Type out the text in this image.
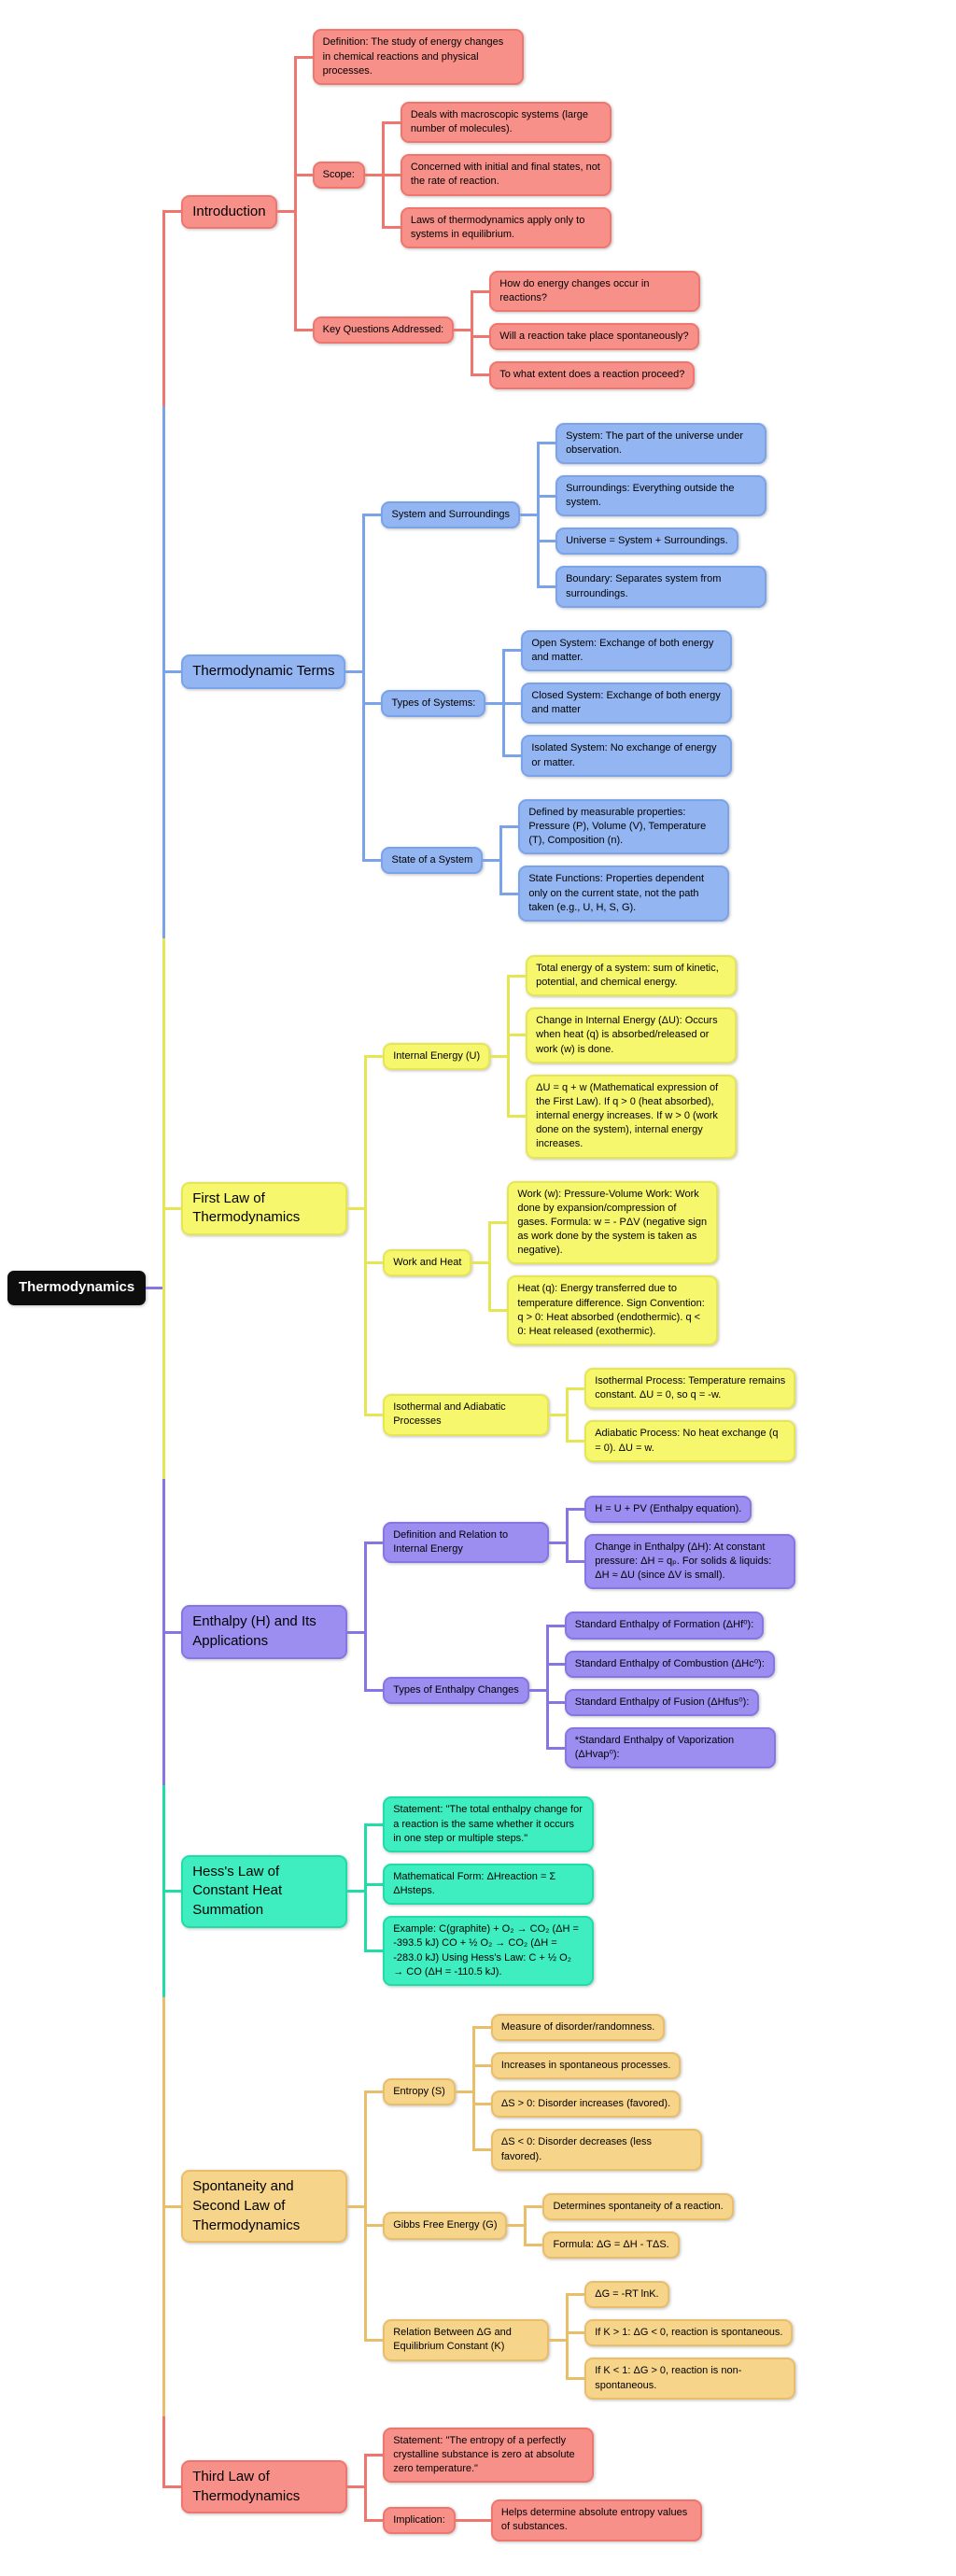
Thermodynamics
Introduction
Definition: The study of energy changes in chemical reactions and physical processes.
Scope:
Deals with macroscopic systems (large number of molecules).
Concerned with initial and final states, not the rate of reaction.
Laws of thermodynamics apply only to systems in equilibrium.
Key Questions Addressed:
How do energy changes occur in reactions?
Will a reaction take place spontaneously?
To what extent does a reaction proceed?
Thermodynamic Terms
System and Surroundings
System: The part of the universe under observation.
Surroundings: Everything outside the system.
Universe = System + Surroundings.
Boundary: Separates system from surroundings.
Types of Systems:
Open System: Exchange of both energy and matter.
Closed System: Exchange of both energy and matter
Isolated System: No exchange of energy or matter.
State of a System
Defined by measurable properties: Pressure (P), Volume (V), Temperature (T), Composition (n).
State Functions: Properties dependent only on the current state, not the path taken (e.g., U, H, S, G).
First Law of Thermodynamics
Internal Energy (U)
Total energy of a system: sum of kinetic, potential, and chemical energy.
Change in Internal Energy (ΔU): Occurs when heat (q) is absorbed/released or work (w) is done.
ΔU = q + w (Mathematical expression of the First Law). If q > 0 (heat absorbed), internal energy increases. If w > 0 (work done on the system), internal energy increases.
Work and Heat
Work (w): Pressure-Volume Work: Work done by expansion/compression of gases. Formula: w = - PΔV (negative sign as work done by the system is taken as negative).
Heat (q): Energy transferred due to temperature difference. Sign Convention: q > 0: Heat absorbed (endothermic). q < 0: Heat released (exothermic).
Isothermal and Adiabatic Processes
Isothermal Process: Temperature remains constant. ΔU = 0, so q = -w.
Adiabatic Process: No heat exchange (q = 0). ΔU = w.
Enthalpy (H) and Its Applications
Definition and Relation to Internal Energy
H = U + PV (Enthalpy equation).
Change in Enthalpy (ΔH): At constant pressure: ΔH = qₚ. For solids & liquids: ΔH ≈ ΔU (since ΔV is small).
Types of Enthalpy Changes
Standard Enthalpy of Formation (ΔHf⁰):
Standard Enthalpy of Combustion (ΔHc⁰):
Standard Enthalpy of Fusion (ΔHfus⁰):
*Standard Enthalpy of Vaporization (ΔHvap⁰):
Hess's Law of Constant Heat Summation
Statement: "The total enthalpy change for a reaction is the same whether it occurs in one step or multiple steps."
Mathematical Form: ΔHreaction = Σ ΔHsteps.
Example: C(graphite) + O₂ → CO₂ (ΔH = -393.5 kJ) CO + ½ O₂ → CO₂ (ΔH = -283.0 kJ) Using Hess's Law: C + ½ O₂ → CO (ΔH = -110.5 kJ).
Spontaneity and Second Law of Thermodynamics
Entropy (S)
Measure of disorder/randomness.
Increases in spontaneous processes.
ΔS > 0: Disorder increases (favored).
ΔS < 0: Disorder decreases (less favored).
Gibbs Free Energy (G)
Determines spontaneity of a reaction.
Formula: ΔG = ΔH - TΔS.
Relation Between ΔG and Equilibrium Constant (K)
ΔG = -RT lnK.
If K > 1: ΔG < 0, reaction is spontaneous.
If K < 1: ΔG > 0, reaction is non-spontaneous.
Third Law of Thermodynamics
Statement: "The entropy of a perfectly crystalline substance is zero at absolute zero temperature."
Implication:
Helps determine absolute entropy values of substances.
